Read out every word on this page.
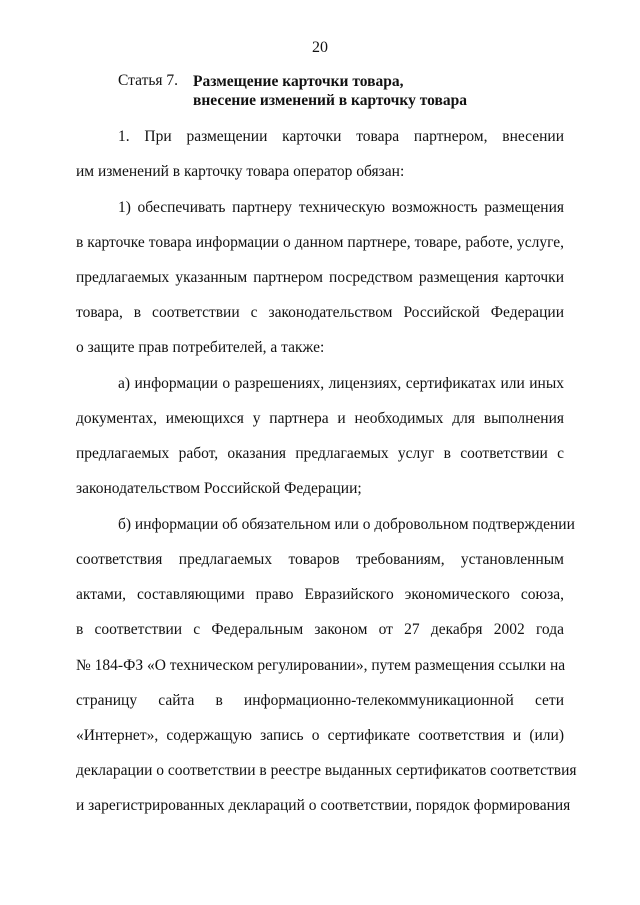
20
Статья 7. Размещение карточки товара,
внесение изменений в карточку товара
1. При размещении карточки товара партнером, внесении
им изменений в карточку товара оператор обязан:
1) обеспечивать партнеру техническую возможность размещения
в карточке товара информации о данном партнере, товаре, работе, услуге,
предлагаемых указанным партнером посредством размещения карточки
товара, в соответствии с законодательством Российской Федерации
о защите прав потребителей, а также:
а) информации о разрешениях, лицензиях, сертификатах или иных
документах, имеющихся у партнера и необходимых для выполнения
предлагаемых работ, оказания предлагаемых услуг в соответствии с
законодательством Российской Федерации;
б) информации об обязательном или о добровольном подтверждении
соответствия предлагаемых товаров требованиям, установленным
актами, составляющими право Евразийского экономического союза,
в соответствии с Федеральным законом от 27 декабря 2002 года
№ 184-ФЗ «О техническом регулировании», путем размещения ссылки на
страницу сайта в информационно-телекоммуникационной сети
«Интернет», содержащую запись о сертификате соответствия и (или)
декларации о соответствии в реестре выданных сертификатов соответствия
и зарегистрированных деклараций о соответствии, порядок формирования
